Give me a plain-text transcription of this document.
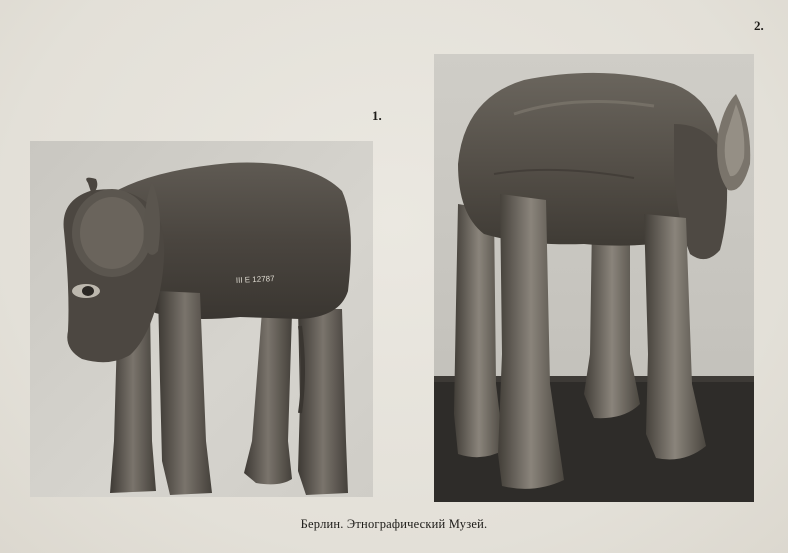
1.
2.
III E 12787
Берлин. Этнографический Музей.
